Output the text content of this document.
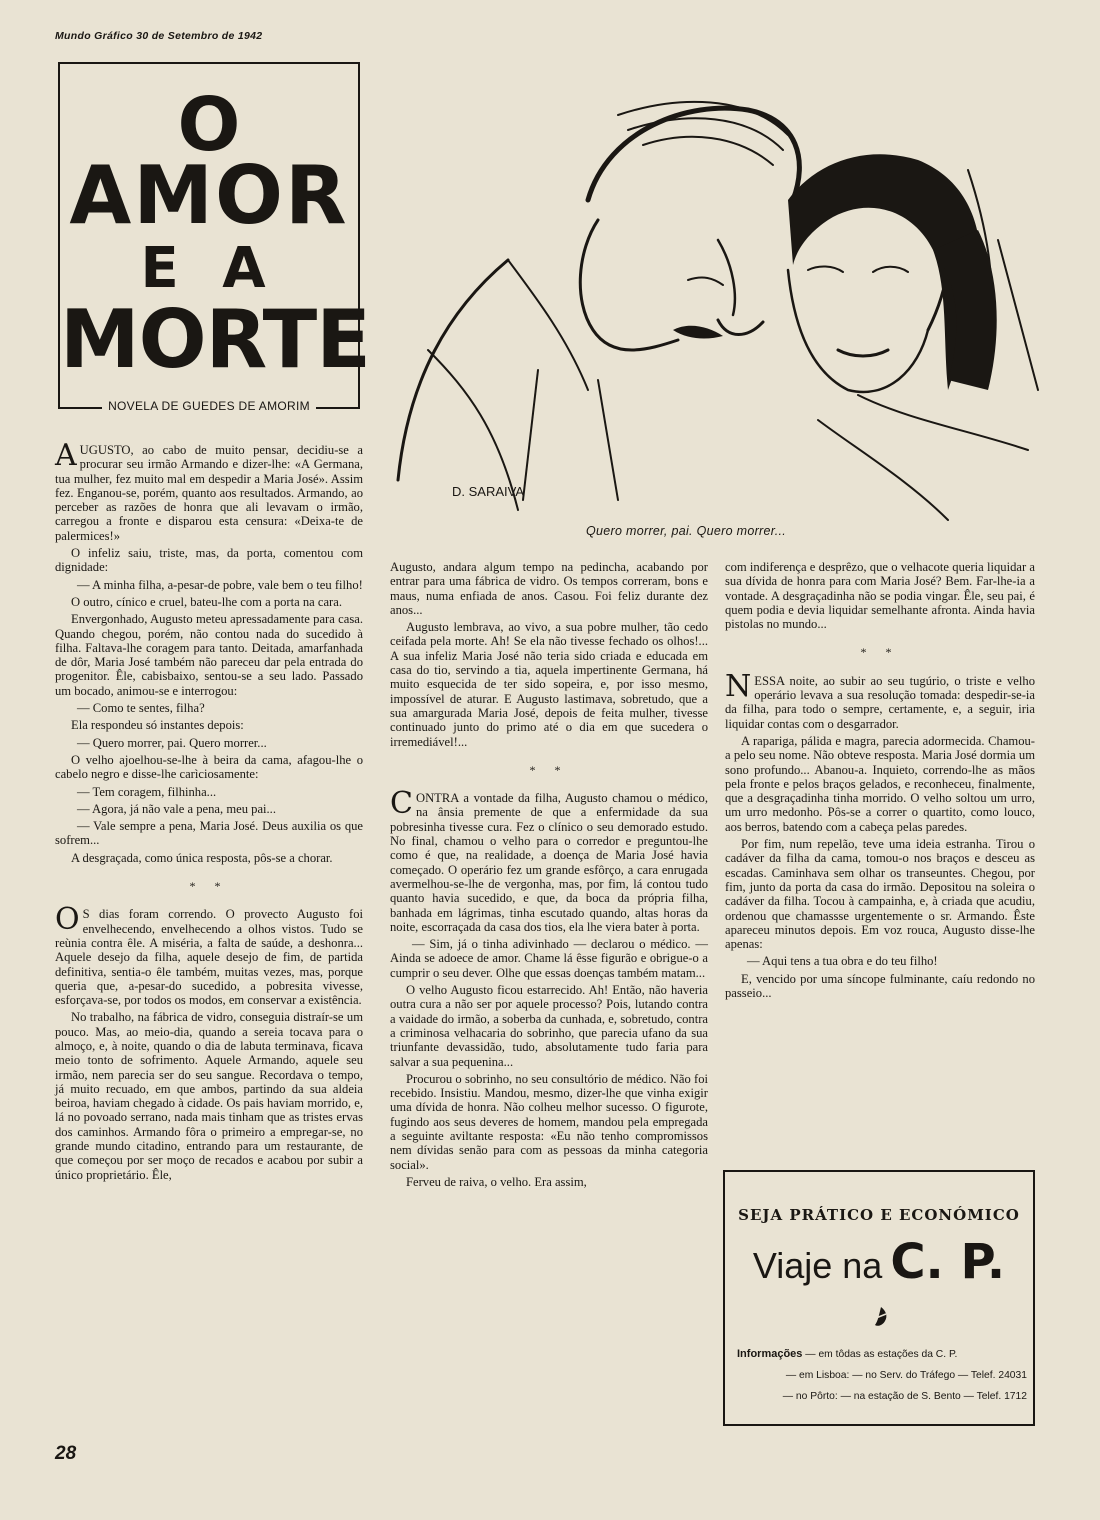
Mundo Gráfico 30 de Setembro de 1942
O
AMOR
E A
MORTE
NOVELA DE GUEDES DE AMORIM
D. SARAIVA
Quero morrer, pai. Quero morrer...

AUGUSTO, ao cabo de muito pensar, decidiu-se a procurar seu irmão Armando e dizer-lhe: «A Germana, tua mulher, fez muito mal em despedir a Maria José». Assim fez. Enganou-se, porém, quanto aos resultados. Armando, ao perceber as razões de honra que ali levavam o irmão, carregou a fronte e disparou esta censura: «Deixa-te de palermices!»

O infeliz saiu, triste, mas, da porta, comentou com dignidade:

— A minha filha, a-pesar-de pobre, vale bem o teu filho!

O outro, cínico e cruel, bateu-lhe com a porta na cara.

Envergonhado, Augusto meteu apressadamente para casa. Quando chegou, porém, não contou nada do sucedido à filha. Faltava-lhe coragem para tanto. Deitada, amarfanhada de dôr, Maria José também não pareceu dar pela entrada do progenitor. Êle, cabisbaixo, sentou-se a seu lado. Passado um bocado, animou-se e interrogou:

— Como te sentes, filha?

Ela respondeu só instantes depois:

— Quero morrer, pai. Quero morrer...

O velho ajoelhou-se-lhe à beira da cama, afagou-lhe o cabelo negro e disse-lhe carìciosamente:

— Tem coragem, filhinha...

— Agora, já não vale a pena, meu pai...

— Vale sempre a pena, Maria José. Deus auxilia os que sofrem...

A desgraçada, como única resposta, pôs-se a chorar.

* *

O S dias foram correndo. O provecto Augusto foi envelhecendo, envelhecendo a olhos vistos. Tudo se reùnia contra êle. A miséria, a falta de saúde, a deshonra... Aquele desejo da filha, aquele desejo de fim, de partida definitiva, sentia-o êle também, muitas vezes, mas, porque queria que, a-pesar-do sucedido, a pobresita vivesse, esforçava-se, por todos os modos, em conservar a existência.

No trabalho, na fábrica de vidro, conseguia distraír-se um pouco. Mas, ao meio-dia, quando a sereia tocava para o almoço, e, à noite, quando o dia de labuta terminava, ficava meio tonto de sofrimento. Aquele Armando, aquele seu irmão, nem parecia ser do seu sangue. Recordava o tempo, já muito recuado, em que ambos, partindo da sua aldeia beiroa, haviam chegado à cidade. Os pais haviam morrido, e, lá no povoado serrano, nada mais tinham que as tristes ervas dos caminhos. Armando fôra o primeiro a empregar-se, no grande mundo citadino, entrando para um restaurante, de que começou por ser moço de recados e acabou por subir a único proprietário. Êle,

Augusto, andara algum tempo na pedincha, acabando por entrar para uma fábrica de vidro. Os tempos correram, bons e maus, numa enfiada de anos. Casou. Foi feliz durante dez anos...

Augusto lembrava, ao vivo, a sua pobre mulher, tão cedo ceifada pela morte. Ah! Se ela não tivesse fechado os olhos!... A sua infeliz Maria José não teria sido criada e educada em casa do tio, servindo a tia, aquela impertinente Germana, há muito esquecida de ter sido sopeira, e, por isso mesmo, impossível de aturar. E Augusto lastimava, sobretudo, que a sua amargurada Maria José, depois de feita mulher, tivesse continuado junto do primo até o dia em que sucedera o irremediável!...

* *

CONTRA a vontade da filha, Augusto chamou o médico, na ânsia premente de que a enfermidade da sua pobresinha tivesse cura. Fez o clínico o seu demorado estudo. No final, chamou o velho para o corredor e preguntou-lhe como é que, na realidade, a doença de Maria José havia começado. O operário fez um grande esfôrço, a cara enrugada avermelhou-se-lhe de vergonha, mas, por fim, lá contou tudo quanto havia sucedido, e que, da boca da própria filha, banhada em lágrimas, tinha escutado quando, altas horas da noite, escorraçada da casa dos tios, ela lhe viera bater à porta.

— Sim, já o tinha adivinhado — declarou o médico. — Ainda se adoece de amor. Chame lá êsse figurão e obrigue-o a cumprir o seu dever. Olhe que essas doenças também matam...

O velho Augusto ficou estarrecido. Ah! Então, não haveria outra cura a não ser por aquele processo? Pois, lutando contra a vaidade do irmão, a soberba da cunhada, e, sobretudo, contra a criminosa velhacaria do sobrinho, que parecia ufano da sua triunfante devassidão, tudo, absolutamente tudo faria para salvar a sua pequenina...

Procurou o sobrinho, no seu consultório de médico. Não foi recebido. Insistiu. Mandou, mesmo, dizer-lhe que vinha exigir uma dívida de honra. Não colheu melhor sucesso. O figurote, fugindo aos seus deveres de homem, mandou pela empregada a seguinte aviltante resposta: «Eu não tenho compromissos nem dívidas senão para com as pessoas da minha categoria social».

Ferveu de raiva, o velho. Era assim,

com indiferença e desprêzo, que o velhacote queria liquidar a sua dívida de honra para com Maria José? Bem. Far-lhe-ia a vontade. A desgraçadinha não se podia vingar. Êle, seu pai, é quem podia e devia liquidar semelhante afronta. Ainda havia pistolas no mundo...

* *

NESSA noite, ao subir ao seu tugúrio, o triste e velho operário levava a sua resolução tomada: despedir-se-ia da filha, para todo o sempre, certamente, e, a seguir, iria liquidar contas com o desgarrador.

A rapariga, pálida e magra, parecia adormecida. Chamou-a pelo seu nome. Não obteve resposta. Maria José dormia um sono profundo... Abanou-a. Inquieto, correndo-lhe as mãos pela fronte e pelos braços gelados, e reconheceu, finalmente, que a desgraçadinha tinha morrido. O velho soltou um urro, um urro medonho. Pôs-se a correr o quartito, como louco, aos berros, batendo com a cabeça pelas paredes.

Por fim, num repelão, teve uma ideia estranha. Tirou o cadáver da filha da cama, tomou-o nos braços e desceu as escadas. Caminhava sem olhar os transeuntes. Chegou, por fim, junto da porta da casa do irmão. Depositou na soleira o cadáver da filha. Tocou à campainha, e, à criada que acudiu, ordenou que chamassse urgentemente o sr. Armando. Êste apareceu minutos depois. Em voz rouca, Augusto disse-lhe apenas:

— Aqui tens a tua obra e do teu filho!

E, vencido por uma síncope fulminante, caíu redondo no passeio...

SEJA PRÁTICO E ECONÓMICO
Viaje na C. P.
Informações — em tôdas as estações da C. P.
— em Lisboa: — no Serv. do Tráfego — Telef. 24031
— no Pôrto: — na estação de S. Bento — Telef. 1712
28
